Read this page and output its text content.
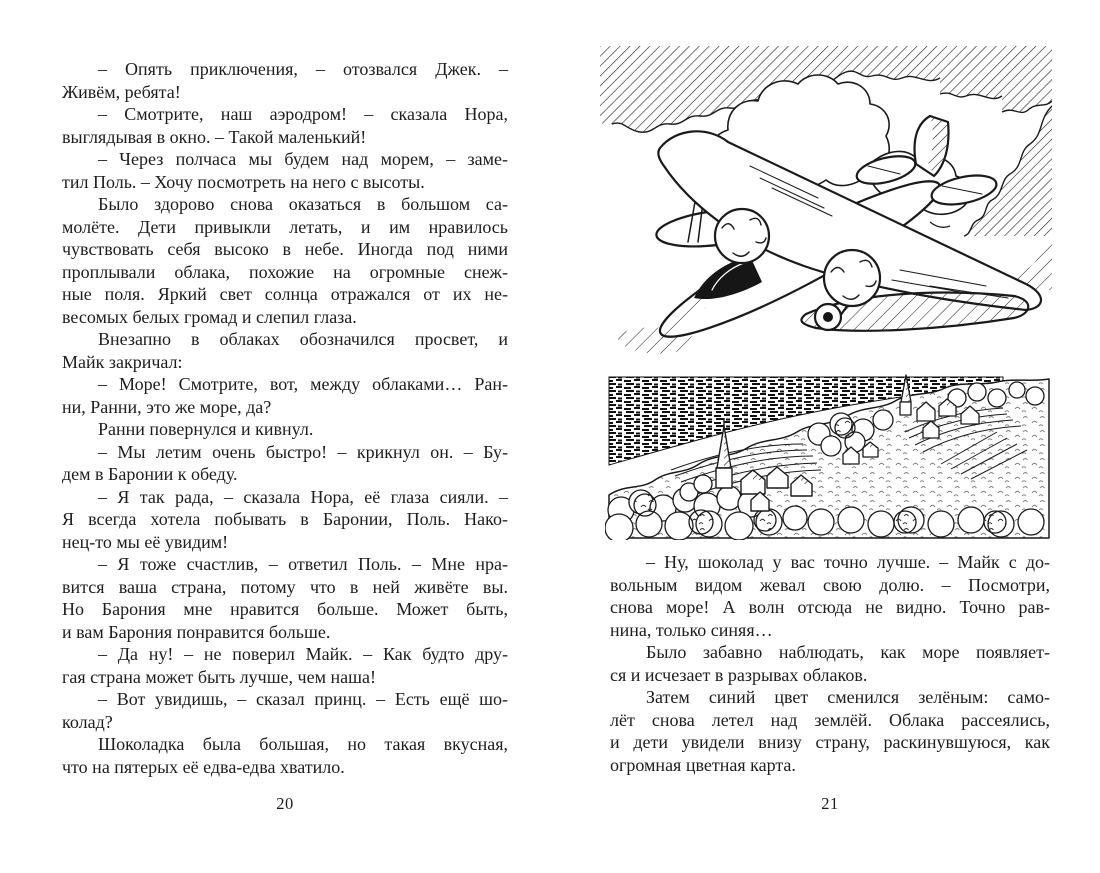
– Опять приключения, – отозвался Джек. –
Живём, ребята!
– Смотрите, наш аэродром! – сказала Нора,
выглядывая в окно. – Такой маленький!
– Через полчаса мы будем над морем, – заме-
тил Поль. – Хочу посмотреть на него с высоты.
Было здорово снова оказаться в большом са-
молёте. Дети привыкли летать, и им нравилось
чувствовать себя высоко в небе. Иногда под ними
проплывали облака, похожие на огромные снеж-
ные поля. Яркий свет солнца отражался от их не-
весомых белых громад и слепил глаза.
Внезапно в облаках обозначился просвет, и
Майк закричал:
– Море! Смотрите, вот, между облаками… Ран-
ни, Ранни, это же море, да?
Ранни повернулся и кивнул.
– Мы летим очень быстро! – крикнул он. – Бу-
дем в Баронии к обеду.
– Я так рада, – сказала Нора, её глаза сияли. –
Я всегда хотела побывать в Баронии, Поль. Нако-
нец-то мы её увидим!
– Я тоже счастлив, – ответил Поль. – Мне нра-
вится ваша страна, потому что в ней живёте вы.
Но Барония мне нравится больше. Может быть,
и вам Барония понравится больше.
– Да ну! – не поверил Майк. – Как будто дру-
гая страна может быть лучше, чем наша!
– Вот увидишь, – сказал принц. – Есть ещё шо-
колад?
Шоколадка была большая, но такая вкусная,
что на пятерых её едва-едва хватило.
20
– Ну, шоколад у вас точно лучше. – Майк с до-
вольным видом жевал свою долю. – Посмотри,
снова море! А волн отсюда не видно. Точно рав-
нина, только синяя…
Было забавно наблюдать, как море появляет-
ся и исчезает в разрывах облаков.
Затем синий цвет сменился зелёным: само-
лёт снова летел над землёй. Облака рассеялись,
и дети увидели внизу страну, раскинувшуюся, как
огромная цветная карта.
21
